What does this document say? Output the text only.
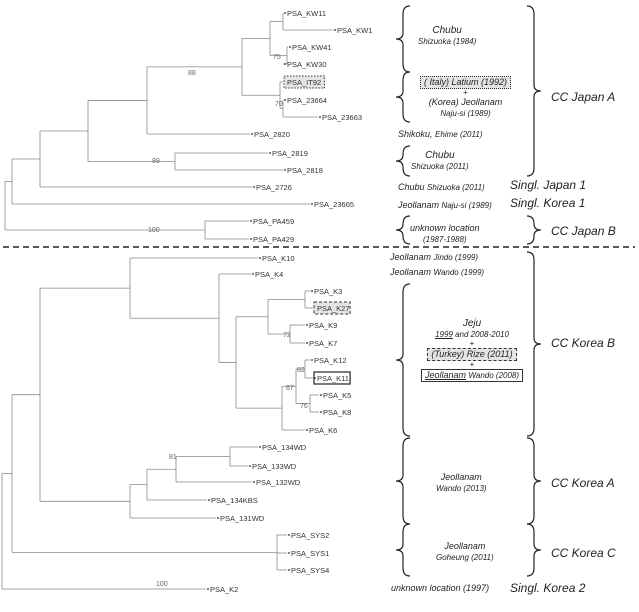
PSA_KW11
PSA_KW1
PSA_KW41
PSA_KW30
PSA_IT92
PSA_23664
PSA_23663
PSA_2820
PSA_2819
PSA_2818
PSA_2726
PSA_23665
PSA_PA459
PSA_PA429
PSA_K10
PSA_K4
PSA_K3
PSA_K27
PSA_K9
PSA_K7
PSA_K12
PSA_K11
PSA_K5
PSA_K8
PSA_K6
PSA_134WD
PSA_133WD
PSA_132WD
PSA_134KBS
PSA_131WD
PSA_SYS2
PSA_SYS1
PSA_SYS4
PSA_K2
88
75
70
89
100
72
82
67
76
81
100
Chubu
Shizuoka (1984)
( Italy) Latium (1992)
+
(Korea) Jeollanam
Naju-si (1989)
Shikoku, Ehime (2011)
Chubu
Shizuoka (2011)
Chubu Shizuoka (2011)
Jeollanam Naju-si (1989)
unknown location
(1987-1988)
Jeollanam Jindo (1999)
Jeollanam Wando (1999)
Jeju
1999 and 2008-2010
+
(Turkey) Rize (2011)
+
Jeollanam Wando (2008)
Jeollanam
Wando (2013)
Jeollanam
Goheung (2011)
unknown location (1997)
CC Japan A
Singl. Japan 1
Singl. Korea 1
CC Japan B
CC Korea B
CC Korea A
CC Korea C
Singl. Korea 2
